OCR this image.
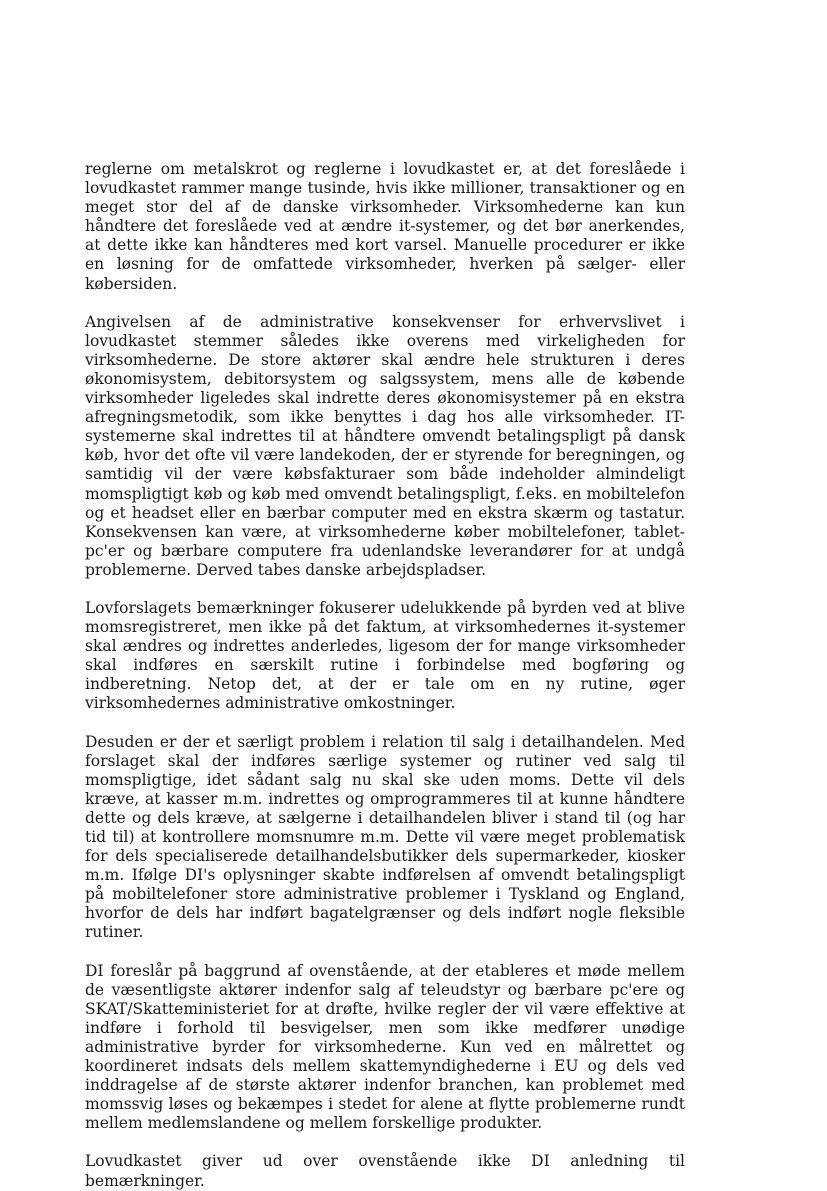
reglerne om metalskrot og reglerne i lovudkastet er, at det foreslåede i lovudkastet rammer mange tusinde, hvis ikke millioner, transaktioner og en meget stor del af de danske virksomheder. Virksomhederne kan kun håndtere det foreslåede ved at ændre it-systemer, og det bør anerkendes, at dette ikke kan håndteres med kort varsel. Manuelle procedurer er ikke en løsning for de omfattede virksomheder, hverken på sælger- eller købersiden.

Angivelsen af de administrative konsekvenser for erhvervslivet i lovudkastet stemmer således ikke overens med virkeligheden for virksomhederne. De store aktører skal ændre hele strukturen i deres økonomisystem, debitorsystem og salgssystem, mens alle de købende virksomheder ligeledes skal indrette deres økonomisystemer på en ekstra afregningsmetodik, som ikke benyttes i dag hos alle virksomheder. IT-systemerne skal indrettes til at håndtere omvendt betalingspligt på dansk køb, hvor det ofte vil være landekoden, der er styrende for beregningen, og samtidig vil der være købsfakturaer som både indeholder almindeligt momspligtigt køb og køb med omvendt betalingspligt, f.eks. en mobiltelefon og et headset eller en bærbar computer med en ekstra skærm og tastatur. Konsekvensen kan være, at virksomhederne køber mobiltelefoner, tablet-pc'er og bærbare computere fra udenlandske leverandører for at undgå problemerne. Derved tabes danske arbejdspladser.

Lovforslagets bemærkninger fokuserer udelukkende på byrden ved at blive momsregistreret, men ikke på det faktum, at virksomhedernes it-systemer skal ændres og indrettes anderledes, ligesom der for mange virksomheder skal indføres en særskilt rutine i forbindelse med bogføring og indberetning. Netop det, at der er tale om en ny rutine, øger virksomhedernes administrative omkostninger.

Desuden er der et særligt problem i relation til salg i detailhandelen. Med forslaget skal der indføres særlige systemer og rutiner ved salg til momspligtige, idet sådant salg nu skal ske uden moms. Dette vil dels kræve, at kasser m.m. indrettes og omprogrammeres til at kunne håndtere dette og dels kræve, at sælgerne i detailhandelen bliver i stand til (og har tid til) at kontrollere momsnumre m.m. Dette vil være meget problematisk for dels specialiserede detailhandelsbutikker dels supermarkeder, kiosker m.m. Ifølge DI's oplysninger skabte indførelsen af omvendt betalingspligt på mobiltelefoner store administrative problemer i Tyskland og England, hvorfor de dels har indført bagatelgrænser og dels indført nogle fleksible rutiner.

DI foreslår på baggrund af ovenstående, at der etableres et møde mellem de væsentligste aktører indenfor salg af teleudstyr og bærbare pc'ere og SKAT/Skatteministeriet for at drøfte, hvilke regler der vil være effektive at indføre i forhold til besvigelser, men som ikke medfører unødige administrative byrder for virksomhederne. Kun ved en målrettet og koordineret indsats dels mellem skattemyndighederne i EU og dels ved inddragelse af de største aktører indenfor branchen, kan problemet med momssvig løses og bekæmpes i stedet for alene at flytte problemerne rundt mellem medlemslandene og mellem forskellige produkter.

Lovudkastet giver ud over ovenstående ikke DI anledning til bemærkninger.
